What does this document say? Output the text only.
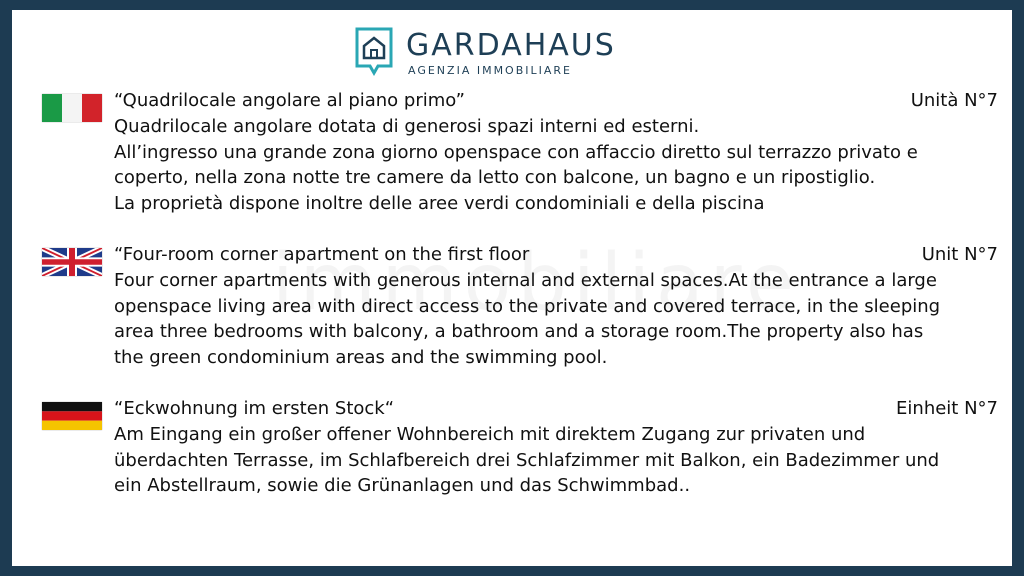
GARDAHAUS
AGENZIA IMMOBILIARE
“Quadrilocale angolare al piano primo”	Unità N°7
Quadrilocale angolare dotata di generosi spazi interni ed esterni.
All’ingresso una grande zona giorno openspace con affaccio diretto sul terrazzo privato e
coperto, nella zona notte tre camere da letto con balcone, un bagno e un ripostiglio.
La proprietà dispone inoltre delle aree verdi condominiali e della piscina
“Four-room corner apartment on the first floor	Unit N°7
Four corner apartments with generous internal and external spaces.At the entrance a large
openspace living area with direct access to the private and covered terrace, in the sleeping
area three bedrooms with balcony, a bathroom and a storage room.The property also has
the green condominium areas and the swimming pool.
“Eckwohnung im ersten Stock“	Einheit N°7
Am Eingang ein großer offener Wohnbereich mit direktem Zugang zur privaten und
überdachten Terrasse, im Schlafbereich drei Schlafzimmer mit Balkon, ein Badezimmer und
ein Abstellraum, sowie die Grünanlagen und das Schwimmbad..
